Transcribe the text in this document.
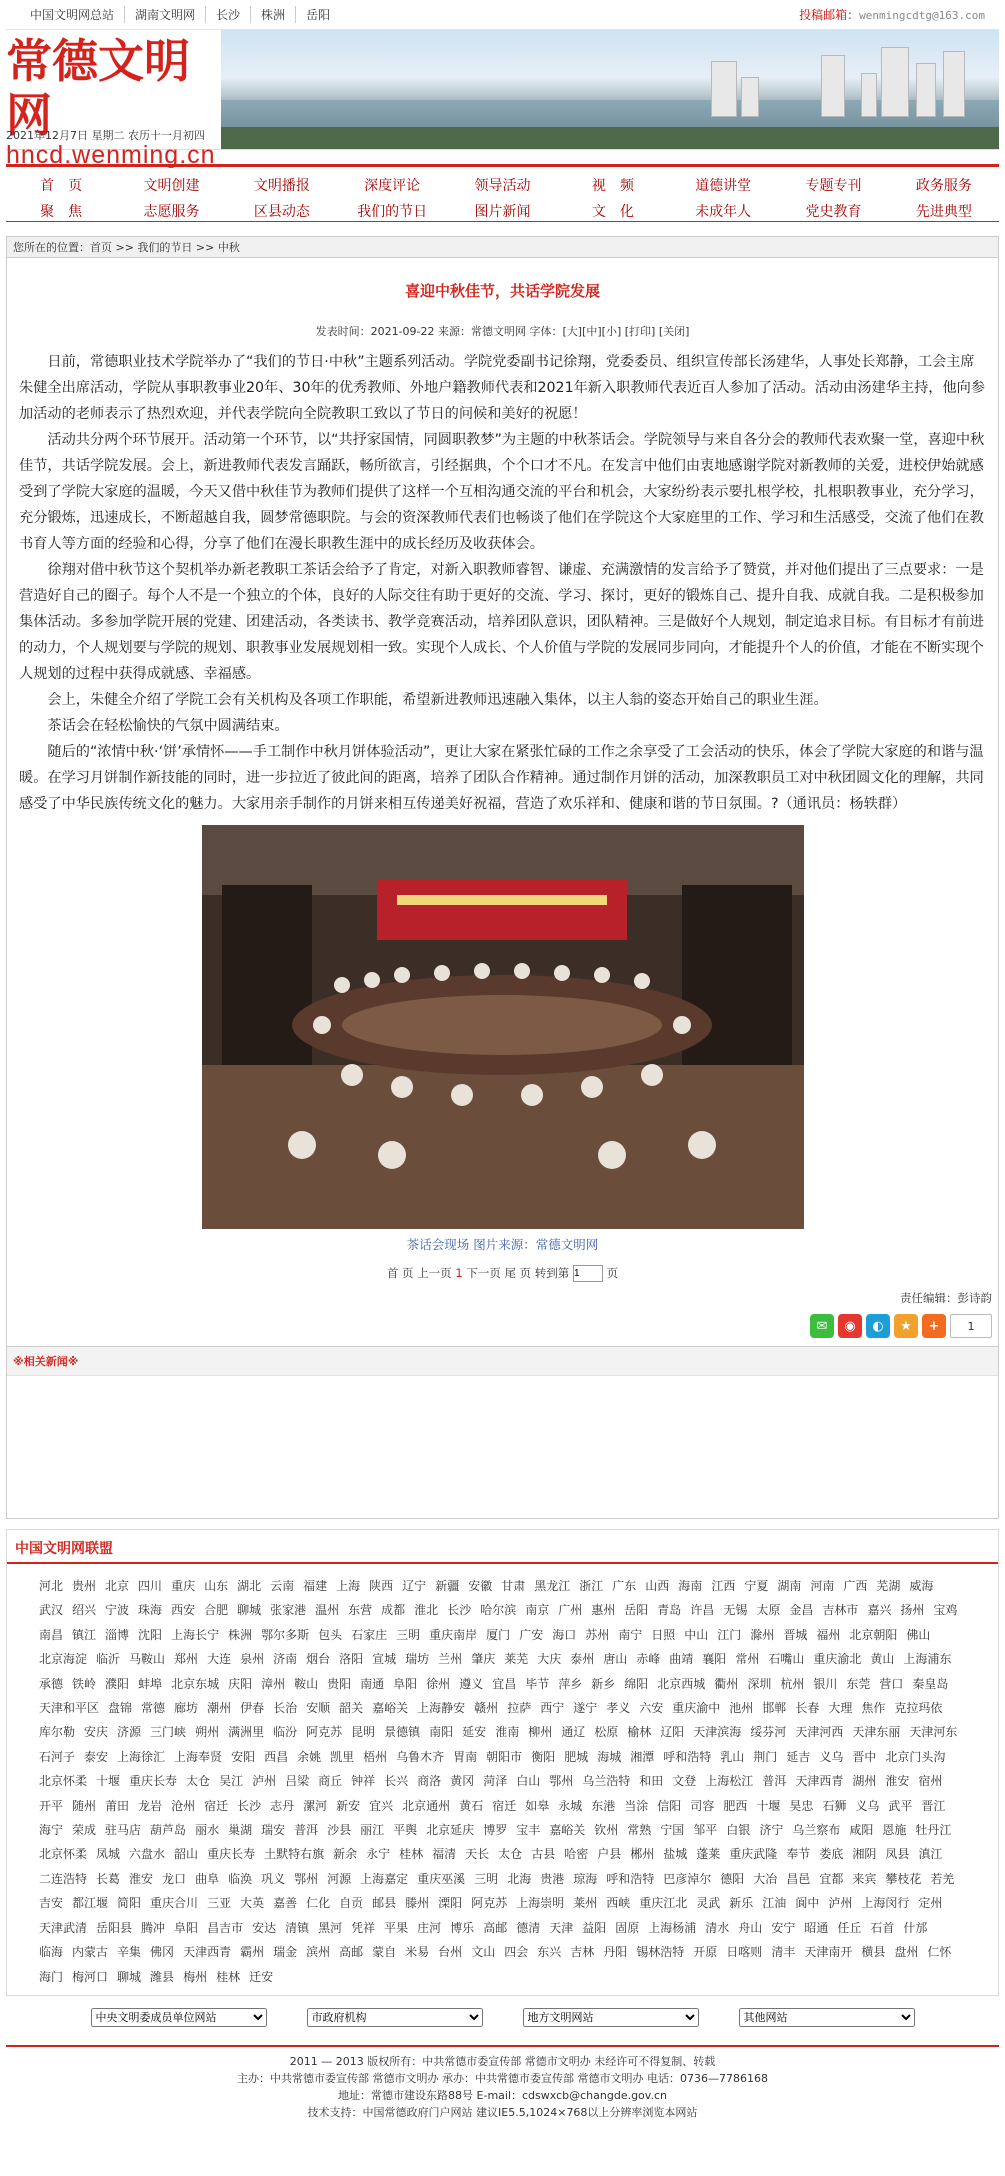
中国文明网总站	湖南文明网	长沙	株洲	岳阳	投稿邮箱：wenmingcdtg@163.com
常德文明网
hncd.wenming.cn
2021年12月7日 星期二 农历十一月初四
首　页	文明创建	文明播报	深度评论	领导活动	视　频	道德讲堂	专题专刊	政务服务
聚　焦	志愿服务	区县动态	我们的节日	图片新闻	文　化	未成年人	党史教育	先进典型
您所在的位置：首页 >> 我们的节日 >> 中秋
喜迎中秋佳节，共话学院发展
发表时间：2021-09-22 来源：常德文明网 字体：[大][中][小] [打印] [关闭]

日前，常德职业技术学院举办了“我们的节日·中秋”主题系列活动。学院党委副书记徐翔，党委委员、组织宣传部长汤建华，人事处长郑静，工会主席朱健全出席活动，学院从事职教事业20年、30年的优秀教师、外地户籍教师代表和2021年新入职教师代表近百人参加了活动。活动由汤建华主持，他向参加活动的老师表示了热烈欢迎，并代表学院向全院教职工致以了节日的问候和美好的祝愿！

活动共分两个环节展开。活动第一个环节，以“共抒家国情，同圆职教梦”为主题的中秋茶话会。学院领导与来自各分会的教师代表欢聚一堂，喜迎中秋佳节，共话学院发展。会上，新进教师代表发言踊跃，畅所欲言，引经据典，个个口才不凡。在发言中他们由衷地感谢学院对新教师的关爱，进校伊始就感受到了学院大家庭的温暖，今天又借中秋佳节为教师们提供了这样一个互相沟通交流的平台和机会，大家纷纷表示要扎根学校，扎根职教事业，充分学习，充分锻炼，迅速成长，不断超越自我，圆梦常德职院。与会的资深教师代表们也畅谈了他们在学院这个大家庭里的工作、学习和生活感受，交流了他们在教书育人等方面的经验和心得，分享了他们在漫长职教生涯中的成长经历及收获体会。

徐翔对借中秋节这个契机举办新老教职工茶话会给予了肯定，对新入职教师睿智、谦虚、充满激情的发言给予了赞赏，并对他们提出了三点要求：一是营造好自己的圈子。每个人不是一个独立的个体，良好的人际交往有助于更好的交流、学习、探讨，更好的锻炼自己、提升自我、成就自我。二是积极参加集体活动。多参加学院开展的党建、团建活动，各类读书、教学竞赛活动，培养团队意识，团队精神。三是做好个人规划，制定追求目标。有目标才有前进的动力，个人规划要与学院的规划、职教事业发展规划相一致。实现个人成长、个人价值与学院的发展同步同向，才能提升个人的价值，才能在不断实现个人规划的过程中获得成就感、幸福感。

会上，朱健全介绍了学院工会有关机构及各项工作职能，希望新进教师迅速融入集体，以主人翁的姿态开始自己的职业生涯。

茶话会在轻松愉快的气氛中圆满结束。

随后的“浓情中秋·‘饼’承情怀——手工制作中秋月饼体验活动”，更让大家在紧张忙碌的工作之余享受了工会活动的快乐，体会了学院大家庭的和谐与温暖。在学习月饼制作新技能的同时，进一步拉近了彼此间的距离，培养了团队合作精神。通过制作月饼的活动，加深教职员工对中秋团圆文化的理解，共同感受了中华民族传统文化的魅力。大家用亲手制作的月饼来相互传递美好祝福，营造了欢乐祥和、健康和谐的节日氛围。?（通讯员：杨轶群）

茶话会现场 图片来源：常德文明网
首 页 上一页 1 下一页 尾 页 转到第 1	页
责任编辑：彭诗韵
✉	◉	◐	★	+	1
※相关新闻※
中国文明网联盟
河北 贵州 北京 四川 重庆 山东 湖北 云南 福建 上海 陕西 辽宁 新疆 安徽 甘肃 黑龙江 浙江 广东 山西 海南 江西 宁夏 湖南 河南 广西 芜湖 威海武汉 绍兴 宁波 珠海 西安 合肥 聊城 张家港 温州 东营 成都 淮北 长沙 哈尔滨 南京 广州 惠州 岳阳 青岛 许昌 无锡 太原 金昌 吉林市 嘉兴 扬州 宝鸡南昌 镇江 淄博 沈阳 上海长宁 株洲 鄂尔多斯 包头 石家庄 三明 重庆南岸 厦门 广安 海口 苏州 南宁 日照 中山 江门 滁州 晋城 福州 北京朝阳 佛山北京海淀 临沂 马鞍山 郑州 大连 泉州 济南 烟台 洛阳 宣城 瑞坊 兰州 肇庆 莱芜 大庆 泰州 唐山 赤峰 曲靖 襄阳 常州 石嘴山 重庆渝北 黄山 上海浦东承德 铁岭 濮阳 蚌埠 北京东城 庆阳 漳州 鞍山 贵阳 南通 阜阳 徐州 遵义 宜昌 毕节 萍乡 新乡 绵阳 北京西城 衢州 深圳 杭州 银川 东莞 营口 秦皇岛天津和平区 盘锦 常德 廊坊 潮州 伊春 长治 安顺 韶关 嘉峪关 上海静安 赣州 拉萨 西宁 遂宁 孝义 六安 重庆渝中 池州 邯郸 长春 大理 焦作 克拉玛依库尔勒 安庆 济源 三门峡 朔州 满洲里 临汾 阿克苏 昆明 景德镇 南阳 延安 淮南 柳州 通辽 松原 榆林 辽阳 天津滨海 绥芬河 天津河西 天津东丽 天津河东石河子 泰安 上海徐汇 上海奉贤 安阳 西昌 余姚 凯里 梧州 乌鲁木齐 胃南 朝阳市 衡阳 肥城 海城 湘潭 呼和浩特 乳山 荆门 延吉 义乌 晋中 北京门头沟北京怀柔 十堰 重庆长寿 太仓 吴江 泸州 吕梁 商丘 钟祥 长兴 商洛 黄冈 菏泽 白山 鄂州 乌兰浩特 和田 文登 上海松江 普洱 天津西青 湖州 淮安 宿州开平 随州 莆田 龙岩 沧州 宿迁 长沙 志丹 漯河 新安 宜兴 北京通州 黄石 宿迁 如皋 永城 东港 当涂 信阳 司容 肥西 十堰 昊忠 石狮 义乌 武平 晋江海宁 荣成 驻马店 葫芦岛 丽水 巢湖 瑞安 普洱 沙县 丽江 平舆 北京延庆 博罗 宝丰 嘉峪关 钦州 常熟 宁国 邹平 白银 济宁 乌兰察布 咸阳 恩施 牡丹江北京怀柔 凤城 六盘水 韶山 重庆长寿 土默特右旗 新余 永宁 桂林 福清 天长 太仓 古县 哈密 户县 郴州 盐城 蓬莱 重庆武隆 奉节 娄底 湘阴 凤县 滇江二连浩特 长葛 淮安 龙口 曲阜 临涣 巩义 鄂州 河源 上海嘉定 重庆巫溪 三明 北海 贵港 琼海 呼和浩特 巴彦淖尔 德阳 大冶 昌邑 宜都 来宾 攀枝花 若羌吉安 都江堰 简阳 重庆合川 三亚 大英 嘉善 仁化 自贡 邮县 滕州 溧阳 阿克苏 上海崇明 莱州 西峡 重庆江北 灵武 新乐 江油 阆中 泸州 上海闵行 定州天津武清 岳阳县 腾冲 阜阳 昌吉市 安达 清镇 黑河 凭祥 平果 庄河 博乐 高邮 德清 天津 益阳 固原 上海杨浦 清水 舟山 安宁 昭通 任丘 石首 什邡临海 内蒙古 辛集 佛冈 天津西青 霸州 瑞金 滨州 高邮 蒙自 米易 台州 文山 四会 东兴 吉林 丹阳 锡林浩特 开原 日喀则 清丰 天津南开 横县 盘州 仁怀海门 梅河口 聊城 潍县 梅州 桂林 迁安
中央文明委成员单位网站
市政府机构
地方文明网站
其他网站
2011 — 2013 版权所有：中共常德市委宣传部 常德市文明办 未经许可不得复制、转载
主办：中共常德市委宣传部 常德市文明办 承办：中共常德市委宣传部 常德市文明办 电话：0736—7786168
地址：常德市建设东路88号 E-mail：cdswxcb@changde.gov.cn
技术支持：中国常德政府门户网站 建议IE5.5,1024×768以上分辨率浏览本网站
